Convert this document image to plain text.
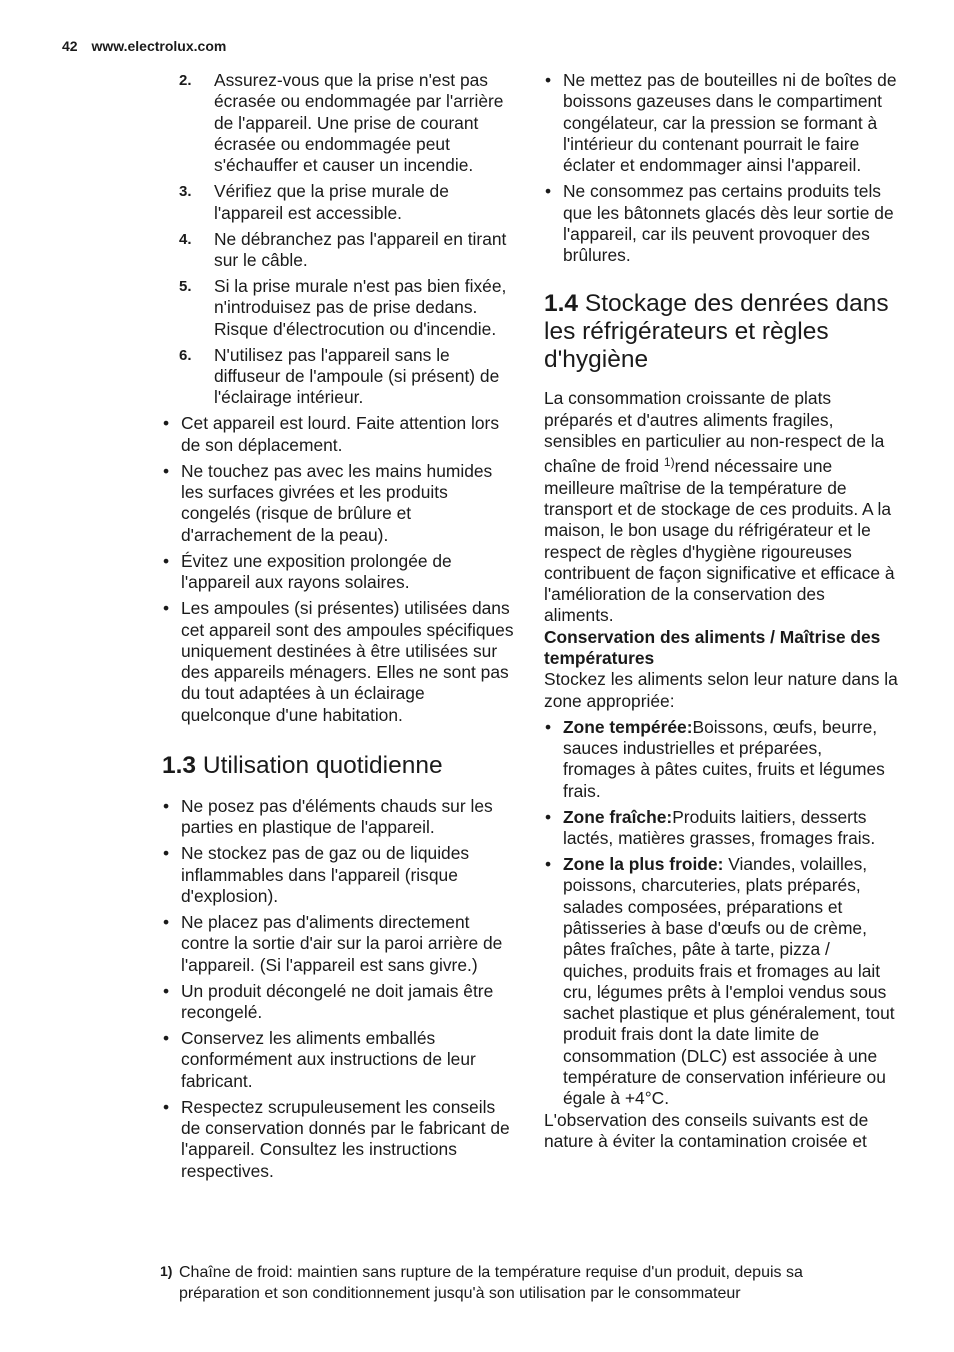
42 www.electrolux.com
2. Assurez-vous que la prise n'est pas écrasée ou endommagée par l'arrière de l'appareil. Une prise de courant écrasée ou endommagée peut s'échauffer et causer un incendie.
3. Vérifiez que la prise murale de l'appareil est accessible.
4. Ne débranchez pas l'appareil en tirant sur le câble.
5. Si la prise murale n'est pas bien fixée, n'introduisez pas de prise dedans. Risque d'électrocution ou d'incendie.
6. N'utilisez pas l'appareil sans le diffuseur de l'ampoule (si présent) de l'éclairage intérieur.
• Cet appareil est lourd. Faite attention lors de son déplacement.
• Ne touchez pas avec les mains humides les surfaces givrées et les produits congelés (risque de brûlure et d'arrachement de la peau).
• Évitez une exposition prolongée de l'appareil aux rayons solaires.
• Les ampoules (si présentes) utilisées dans cet appareil sont des ampoules spécifiques uniquement destinées à être utilisées sur des appareils ménagers. Elles ne sont pas du tout adaptées à un éclairage quelconque d'une habitation.
1.3 Utilisation quotidienne
• Ne posez pas d'éléments chauds sur les parties en plastique de l'appareil.
• Ne stockez pas de gaz ou de liquides inflammables dans l'appareil (risque d'explosion).
• Ne placez pas d'aliments directement contre la sortie d'air sur la paroi arrière de l'appareil. (Si l'appareil est sans givre.)
• Un produit décongelé ne doit jamais être recongelé.
• Conservez les aliments emballés conformément aux instructions de leur fabricant.
• Respectez scrupuleusement les conseils de conservation donnés par le fabricant de l'appareil. Consultez les instructions respectives.
• Ne mettez pas de bouteilles ni de boîtes de boissons gazeuses dans le compartiment congélateur, car la pression se formant à l'intérieur du contenant pourrait le faire éclater et endommager ainsi l'appareil.
• Ne consommez pas certains produits tels que les bâtonnets glacés dès leur sortie de l'appareil, car ils peuvent provoquer des brûlures.
1.4 Stockage des denrées dans les réfrigérateurs et règles d'hygiène

La consommation croissante de plats préparés et d'autres aliments fragiles, sensibles en particulier au non-respect de la chaîne de froid $^{1)}$rend nécessaire une meilleure maîtrise de la température de transport et de stockage de ces produits. A la maison, le bon usage du réfrigérateur et le respect de règles d'hygiène rigoureuses contribuent de façon significative et efficace à l'amélioration de la conservation des aliments.

Conservation des aliments / Maîtrise des températures

Stockez les aliments selon leur nature dans la zone appropriée:

• Zone tempérée:Boissons, œufs, beurre, sauces industrielles et préparées, fromages à pâtes cuites, fruits et légumes frais.
• Zone fraîche:Produits laitiers, desserts lactés, matières grasses, fromages frais.
• Zone la plus froide: Viandes, volailles, poissons, charcuteries, plats préparés, salades composées, préparations et pâtisseries à base d'œufs ou de crème, pâtes fraîches, pâte à tarte, pizza / quiches, produits frais et fromages au lait cru, légumes prêts à l'emploi vendus sous sachet plastique et plus généralement, tout produit frais dont la date limite de consommation (DLC) est associée à une température de conservation inférieure ou égale à +4°C.

L'observation des conseils suivants est de nature à éviter la contamination croisée et

1) Chaîne de froid: maintien sans rupture de la température requise d'un produit, depuis sa préparation et son conditionnement jusqu'à son utilisation par le consommateur
